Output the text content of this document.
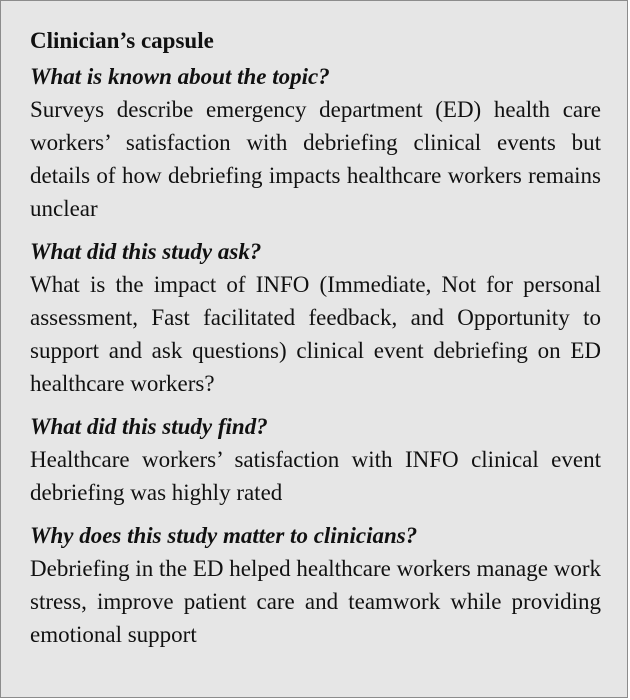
Clinician’s capsule
What is known about the topic?
Surveys describe emergency department (ED) health care workers’ satisfaction with debriefing clinical events but details of how debriefing impacts healthcare workers remains unclear
What did this study ask?
What is the impact of INFO (Immediate, Not for personal assessment, Fast facilitated feedback, and Opportunity to support and ask questions) clinical event debriefing on ED healthcare workers?
What did this study find?
Healthcare workers’ satisfaction with INFO clinical event debriefing was highly rated
Why does this study matter to clinicians?
Debriefing in the ED helped healthcare workers manage work stress, improve patient care and teamwork while providing emotional support
